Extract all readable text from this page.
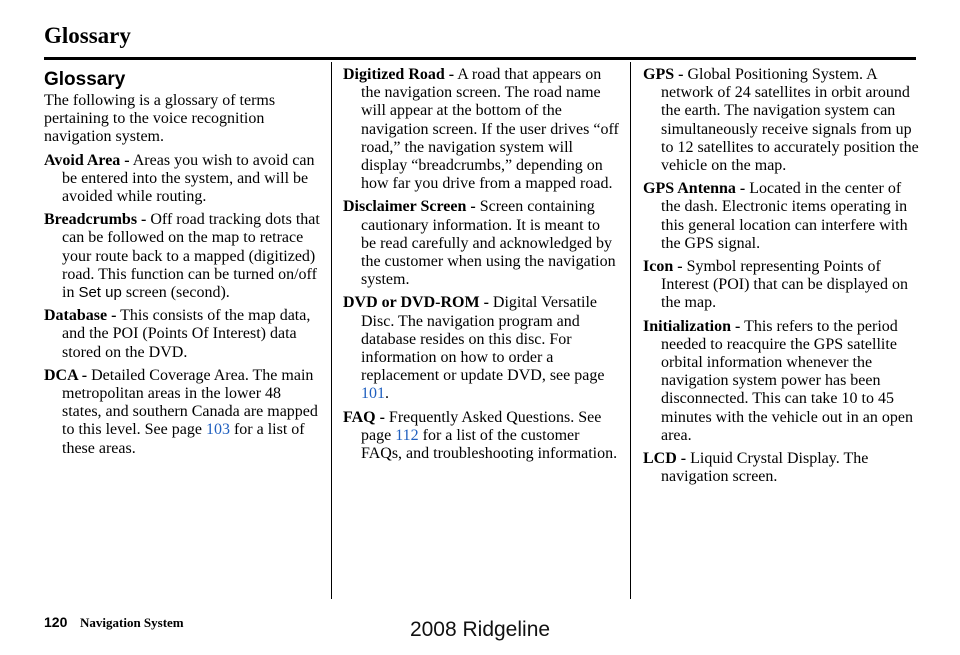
Glossary
Glossary

The following is a glossary of terms pertaining to the voice recognition navigation system.

Avoid Area - Areas you wish to avoid can be entered into the system, and will be avoided while routing.

Breadcrumbs - Off road tracking dots that can be followed on the map to retrace your route back to a mapped (digitized) road. This function can be turned on/off in Set up screen (second).

Database - This consists of the map data, and the POI (Points Of Interest) data stored on the DVD.

DCA - Detailed Coverage Area. The main metropolitan areas in the lower 48 states, and southern Canada are mapped to this level. See page 103 for a list of these areas.

Digitized Road - A road that appears on the navigation screen. The road name will appear at the bottom of the navigation screen. If the user drives “off road,” the navigation system will display “breadcrumbs,” depending on how far you drive from a mapped road.

Disclaimer Screen - Screen containing cautionary information. It is meant to be read carefully and acknowledged by the customer when using the navigation system.

DVD or DVD-ROM - Digital Versatile Disc. The navigation program and database resides on this disc. For information on how to order a replacement or update DVD, see page 101.

FAQ - Frequently Asked Questions. See page 112 for a list of the customer FAQs, and troubleshooting information.

GPS - Global Positioning System. A network of 24 satellites in orbit around the earth. The navigation system can simultaneously receive signals from up to 12 satellites to accurately position the vehicle on the map.

GPS Antenna - Located in the center of the dash. Electronic items operating in this general location can interfere with the GPS signal.

Icon - Symbol representing Points of Interest (POI) that can be displayed on the map.

Initialization - This refers to the period needed to reacquire the GPS satellite orbital information whenever the navigation system power has been disconnected. This can take 10 to 45 minutes with the vehicle out in an open area.

LCD - Liquid Crystal Display. The navigation screen.

120 Navigation System	2008 Ridgeline
